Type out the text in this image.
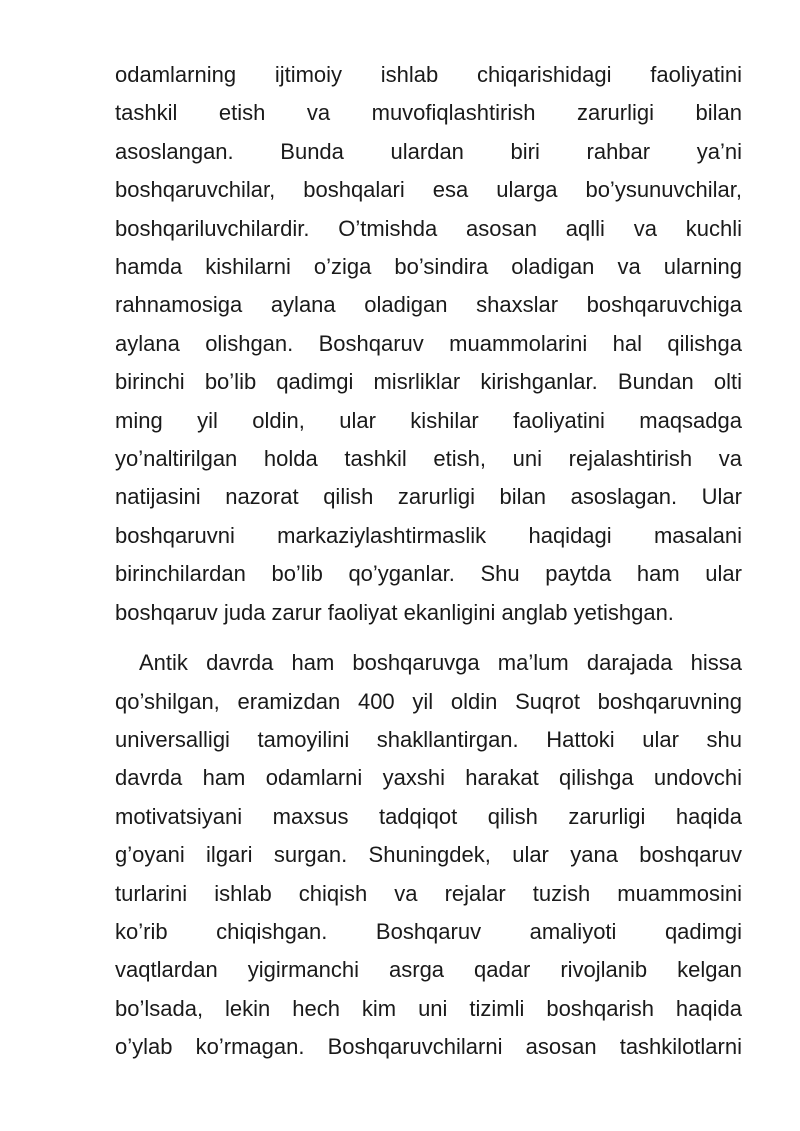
odamlarning ijtimoiy ishlab chiqarishidagi faoliyatini
tashkil etish va muvofiqlashtirish zarurligi bilan
asoslangan. Bunda ulardan biri rahbar ya’ni
boshqaruvchilar, boshqalari esa ularga bo’ysunuvchilar,
boshqariluvchilardir. O’tmishda asosan aqlli va kuchli
hamda kishilarni o’ziga bo’sindira oladigan va ularning
rahnamosiga aylana oladigan shaxslar boshqaruvchiga
aylana olishgan. Boshqaruv muammolarini hal qilishga
birinchi bo’lib qadimgi misrliklar kirishganlar. Bundan olti
ming yil oldin, ular kishilar faoliyatini maqsadga
yo’naltirilgan holda tashkil etish, uni rejalashtirish va
natijasini nazorat qilish zarurligi bilan asoslagan. Ular
boshqaruvni markaziylashtirmaslik haqidagi masalani
birinchilardan bo’lib qo’yganlar. Shu paytda ham ular
boshqaruv juda zarur faoliyat ekanligini anglab yetishgan.

Antik davrda ham boshqaruvga ma’lum darajada hissa
qo’shilgan, eramizdan 400 yil oldin Suqrot boshqaruvning
universalligi tamoyilini shakllantirgan. Hattoki ular shu
davrda ham odamlarni yaxshi harakat qilishga undovchi
motivatsiyani maxsus tadqiqot qilish zarurligi haqida
g’oyani ilgari surgan. Shuningdek, ular yana boshqaruv
turlarini ishlab chiqish va rejalar tuzish muammosini
ko’rib chiqishgan. Boshqaruv amaliyoti qadimgi
vaqtlardan yigirmanchi asrga qadar rivojlanib kelgan
bo’lsada, lekin hech kim uni tizimli boshqarish haqida
o’ylab ko’rmagan. Boshqaruvchilarni asosan tashkilotlarni
